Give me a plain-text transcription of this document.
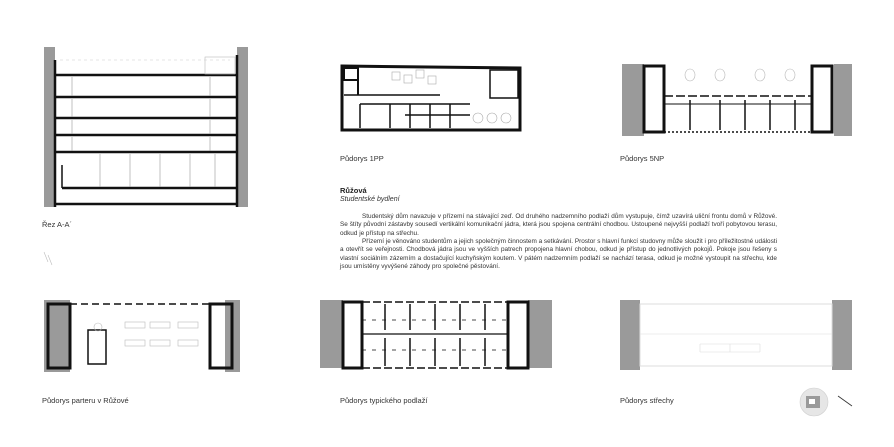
Řez A-A´
Půdorys 1PP	Půdorys 5NP
Růžová
Studentské bydlení

Studentský dům navazuje v přízemí na stávající zeď. Od druhého nadzemního podlaží dům vystupuje, čímž uzavírá uliční frontu domů v Růžové. Se štíty původní zástavby sousedí vertikální komunikační jádra, která jsou spojena centrální chodbou. Ustoupené nejvyšší podlaží tvoří pobytovou terasu, odkud je přístup na střechu.

Přízemí je věnováno studentům a jejich společným činnostem a setkávání. Prostor s hlavní funkcí studovny může sloužit i pro příležitostné události a otevřít se veřejnosti. Chodbová jádra jsou ve vyšších patrech propojena hlavní chobou, odkud je přístup do jednotlivých pokojů. Pokoje jsou řešeny s vlastní sociálním zázemím a dostačující kuchyňským koutem. V pátém nadzemním podlaží se nachází terasa, odkud je možné vystoupit na střechu, kde jsou umístěny vyvýšené záhody pro společné pěstování.

Půdorys parteru v Růžové	Půdorys typického podlaží	Půdorys střechy
